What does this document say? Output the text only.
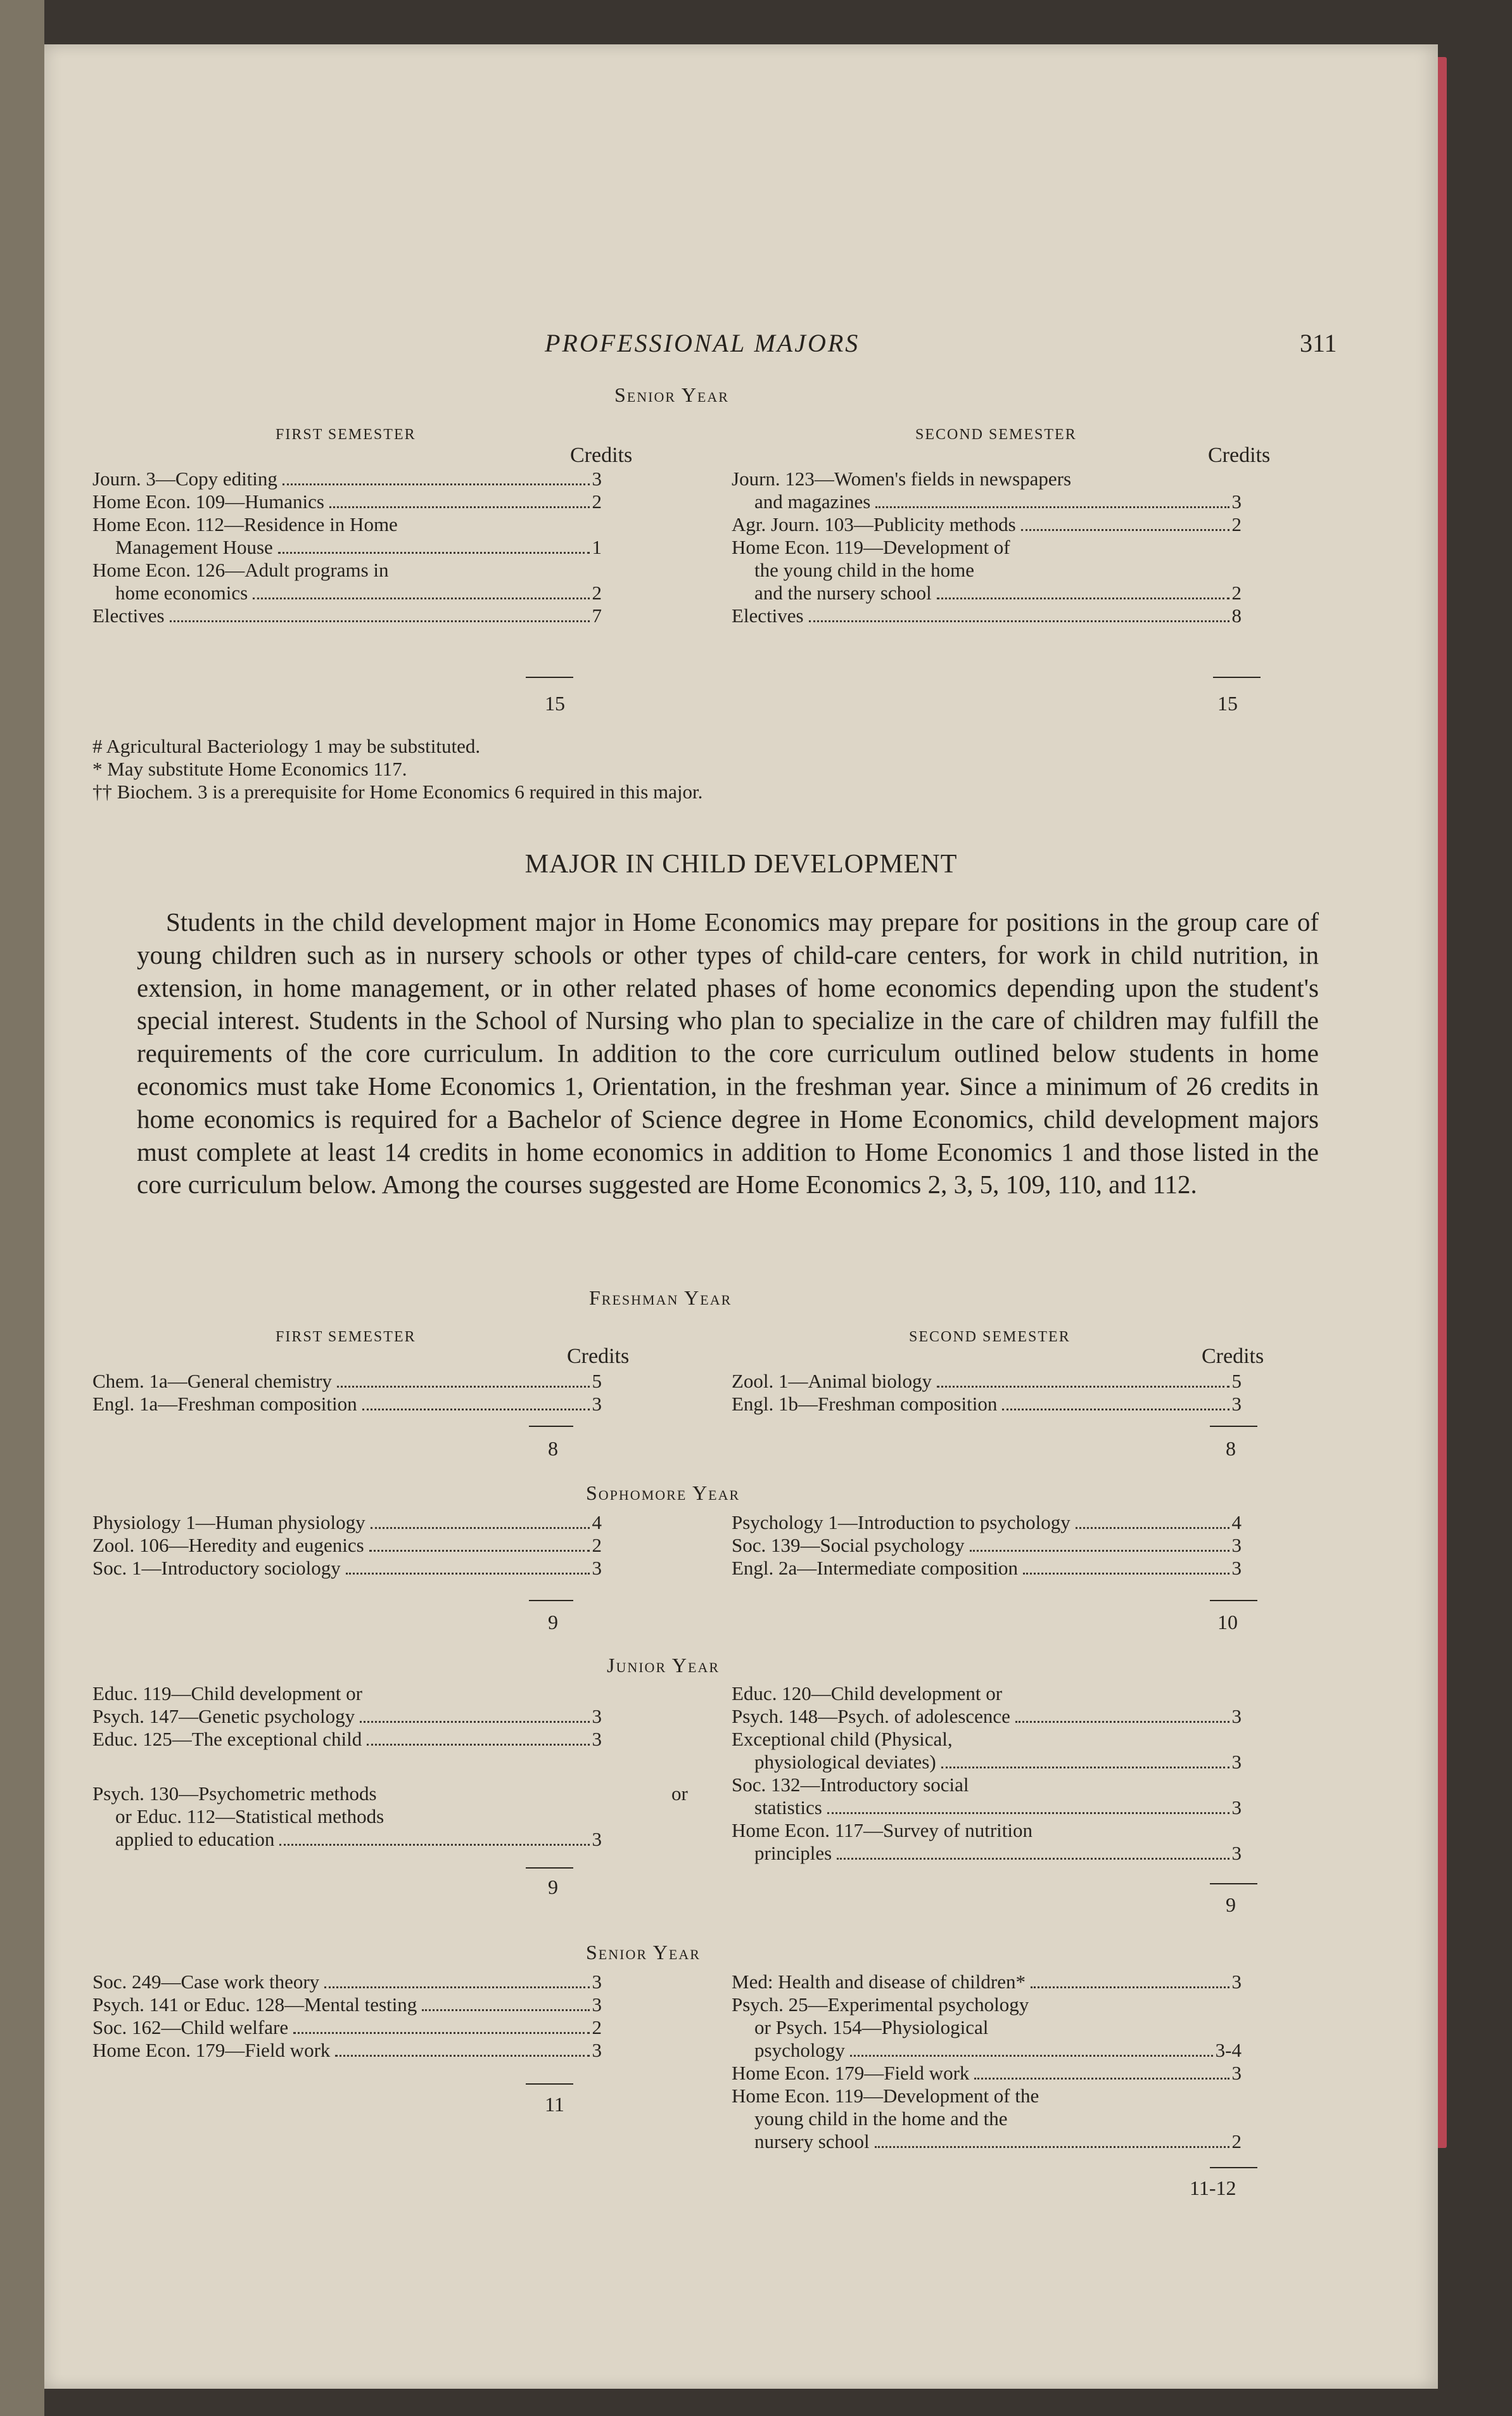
PROFESSIONAL MAJORS	311
Senior Year
FIRST SEMESTER	SECOND SEMESTER
Credits	Credits
Journ. 3—Copy editing	3
Home Econ. 109—Humanics	2
Home Econ. 112—Residence in Home
Management House	1
Home Econ. 126—Adult programs in
home economics	2
Electives	7
Journ. 123—Women's fields in newspapers
and magazines	3
Agr. Journ. 103—Publicity methods	2
Home Econ. 119—Development of
the young child in the home
and the nursery school	2
Electives	8
15	15
# Agricultural Bacteriology 1 may be substituted.
* May substitute Home Economics 117.
†† Biochem. 3 is a prerequisite for Home Economics 6 required in this major.
MAJOR IN CHILD DEVELOPMENT

Students in the child development major in Home Economics may prepare for positions in the group care of young children such as in nursery schools or other types of child-care centers, for work in child nutrition, in extension, in home management, or in other related phases of home economics depending upon the student's special interest. Students in the School of Nursing who plan to specialize in the care of children may fulfill the requirements of the core curriculum. In addition to the core curriculum outlined below students in home economics must take Home Economics 1, Orientation, in the freshman year. Since a minimum of 26 credits in home economics is required for a Bachelor of Science degree in Home Economics, child development majors must complete at least 14 credits in home economics in addition to Home Economics 1 and those listed in the core curriculum below. Among the courses suggested are Home Economics 2, 3, 5, 109, 110, and 112.

Freshman Year
FIRST SEMESTER	SECOND SEMESTER
Credits	Credits
Chem. 1a—General chemistry	5
Engl. 1a—Freshman composition	3
Zool. 1—Animal biology	5
Engl. 1b—Freshman composition	3
8	8
Sophomore Year
Physiology 1—Human physiology	4
Zool. 106—Heredity and eugenics	2
Soc. 1—Introductory sociology	3
Psychology 1—Introduction to psychology	4
Soc. 139—Social psychology	3
Engl. 2a—Intermediate composition	3
9	10
Junior Year
Educ. 119—Child development or
Psych. 147—Genetic psychology	3
Educ. 125—The exceptional child	3
Psych. 130—Psychometric methods
or Educ. 112—Statistical methods
applied to education	3
or
Educ. 120—Child development or
Psych. 148—Psych. of adolescence	3
Exceptional child (Physical,
physiological deviates)	3
Soc. 132—Introductory social
statistics	3
Home Econ. 117—Survey of nutrition
principles	3
9
9
Senior Year
Soc. 249—Case work theory	3
Psych. 141 or Educ. 128—Mental testing	3
Soc. 162—Child welfare	2
Home Econ. 179—Field work	3
Med: Health and disease of children*	3
Psych. 25—Experimental psychology
or Psych. 154—Physiological
psychology	3-4
Home Econ. 179—Field work	3
Home Econ. 119—Development of the
young child in the home and the
nursery school	2
11
11-12
